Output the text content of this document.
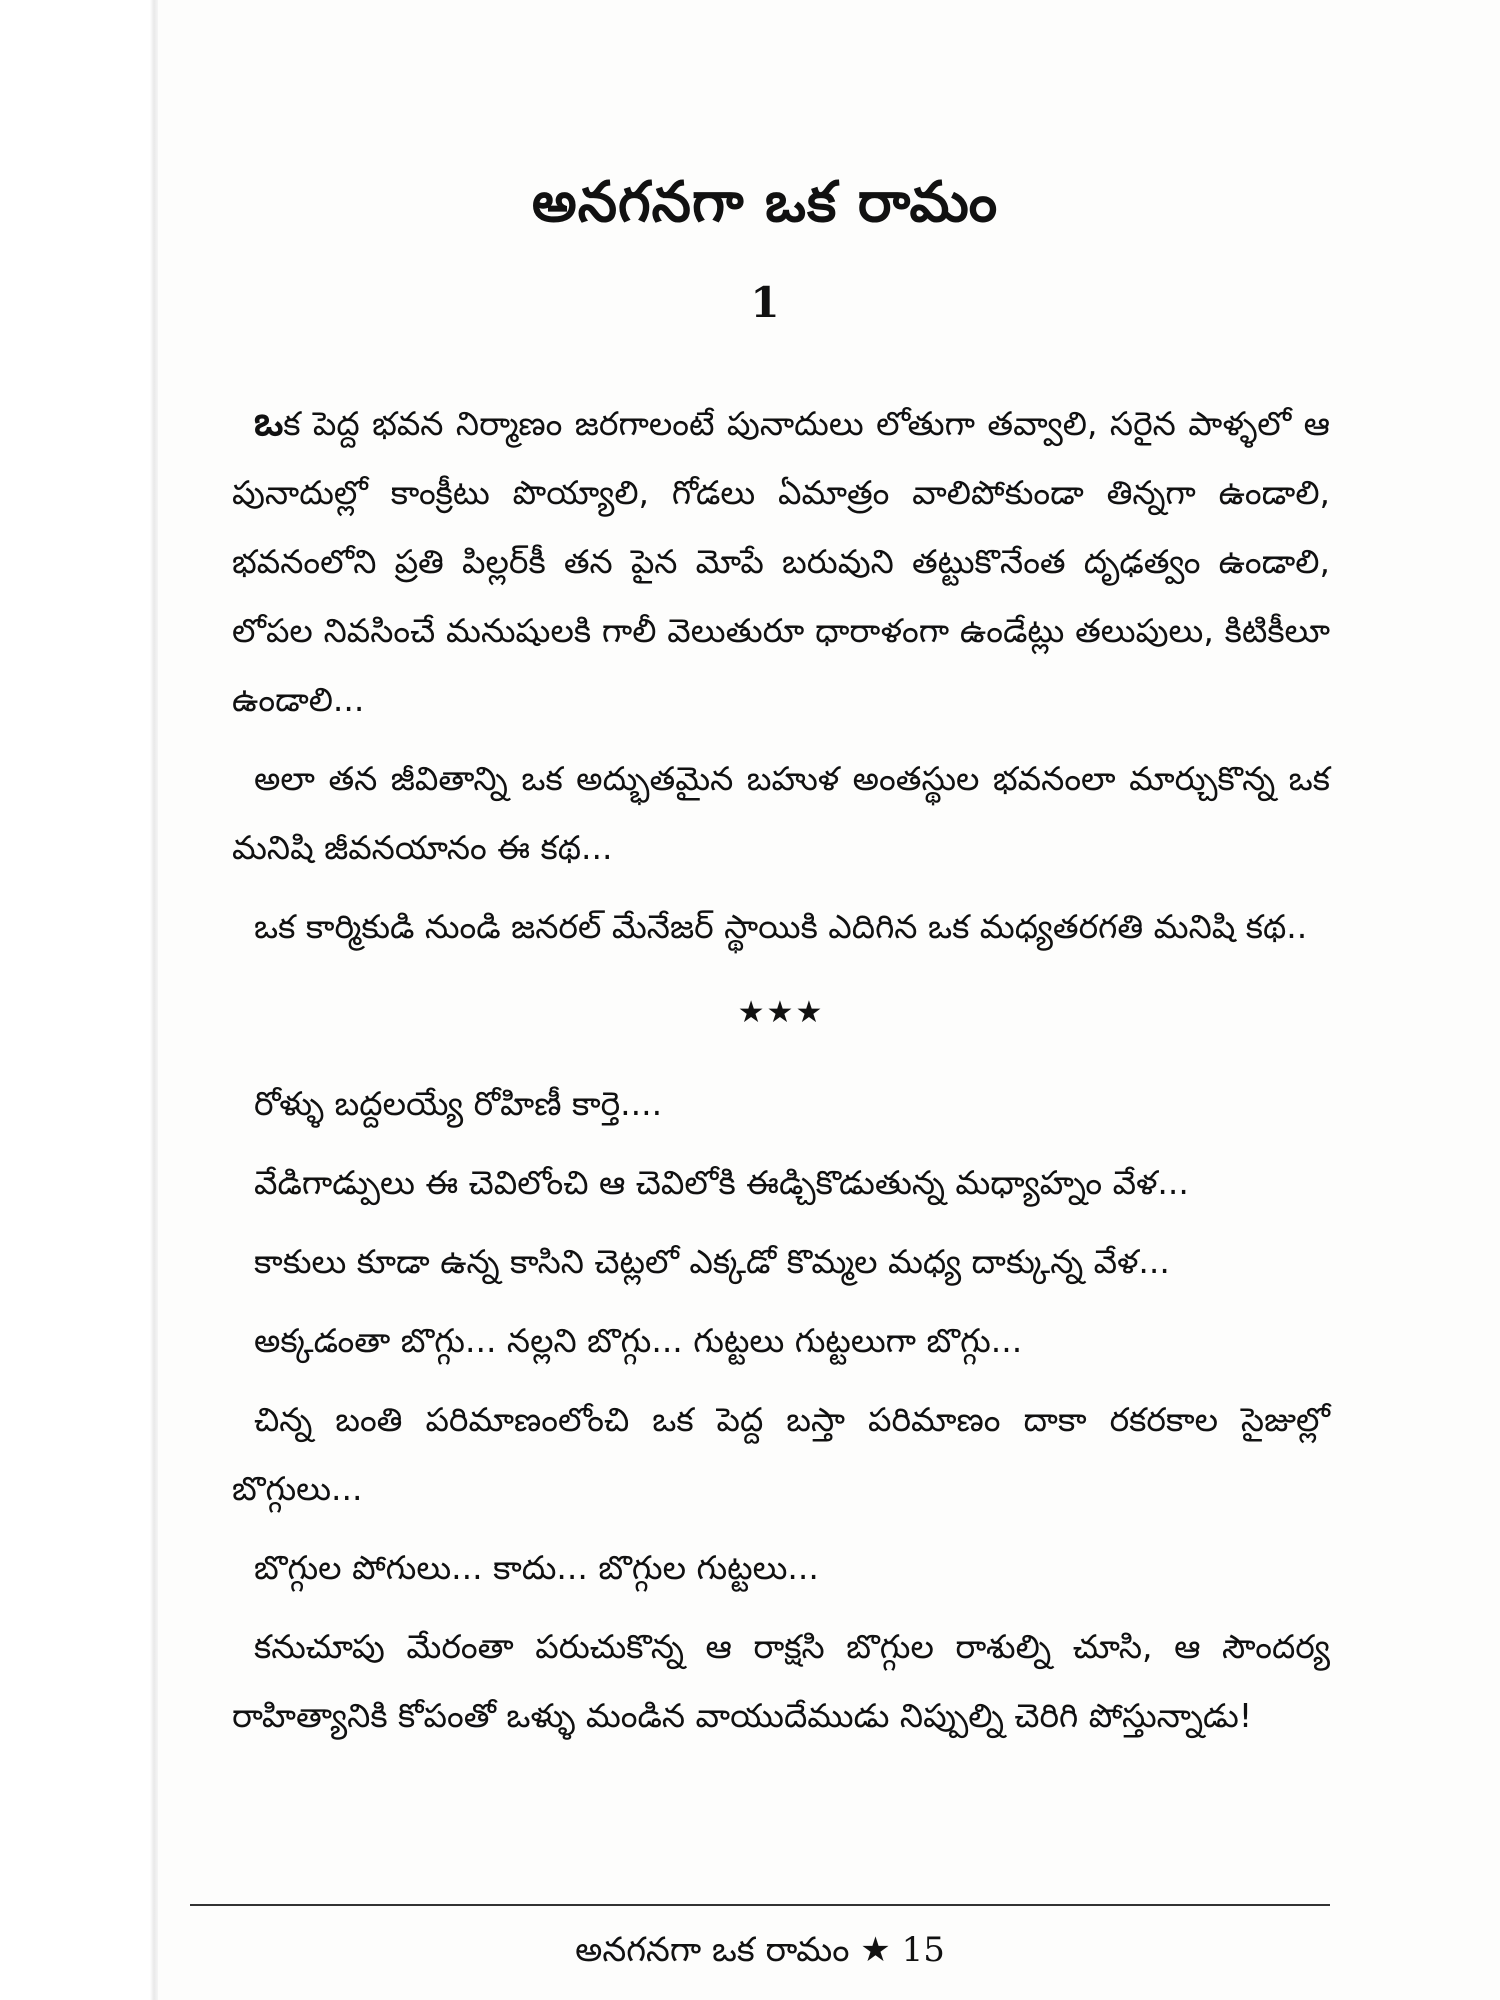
అనగనగా ఒక రామం
1

ఒక పెద్ద భవన నిర్మాణం జరగాలంటే పునాదులు లోతుగా తవ్వాలి, సరైన పాళ్ళలో ఆ పునాదుల్లో కాంక్రీటు పొయ్యాలి, గోడలు ఏమాత్రం వాలిపోకుండా తిన్నగా ఉండాలి, భవనంలోని ప్రతి పిల్లర్‌కీ తన పైన మోపే బరువుని తట్టుకొనేంత దృఢత్వం ఉండాలి, లోపల నివసించే మనుషులకి గాలీ వెలుతురూ ధారాళంగా ఉండేట్లు తలుపులు, కిటికీలూ ఉండాలి...

అలా తన జీవితాన్ని ఒక అద్భుతమైన బహుళ అంతస్థుల భవనంలా మార్చుకొన్న ఒక మనిషి జీవనయానం ఈ కథ...

ఒక కార్మికుడి నుండి జనరల్ మేనేజర్ స్థాయికి ఎదిగిన ఒక మధ్యతరగతి మనిషి కథ..

★★★

రోళ్ళు బద్దలయ్యే రోహిణీ కార్తె....

వేడిగాడ్పులు ఈ చెవిలోంచి ఆ చెవిలోకి ఈడ్చికొడుతున్న మధ్యాహ్నం వేళ...

కాకులు కూడా ఉన్న కాసిని చెట్లలో ఎక్కడో కొమ్మల మధ్య దాక్కున్న వేళ...

అక్కడంతా బొగ్గు... నల్లని బొగ్గు... గుట్టలు గుట్టలుగా బొగ్గు...

చిన్న బంతి పరిమాణంలోంచి ఒక పెద్ద బస్తా పరిమాణం దాకా రకరకాల సైజుల్లో బొగ్గులు...

బొగ్గుల పోగులు... కాదు... బొగ్గుల గుట్టలు...

కనుచూపు మేరంతా పరుచుకొన్న ఆ రాక్షసి బొగ్గుల రాశుల్ని చూసి, ఆ సౌందర్య రాహిత్యానికి కోపంతో ఒళ్ళు మండిన వాయుదేముడు నిప్పుల్ని చెరిగి పోస్తున్నాడు!

అనగనగా ఒక రామం ★ 15
